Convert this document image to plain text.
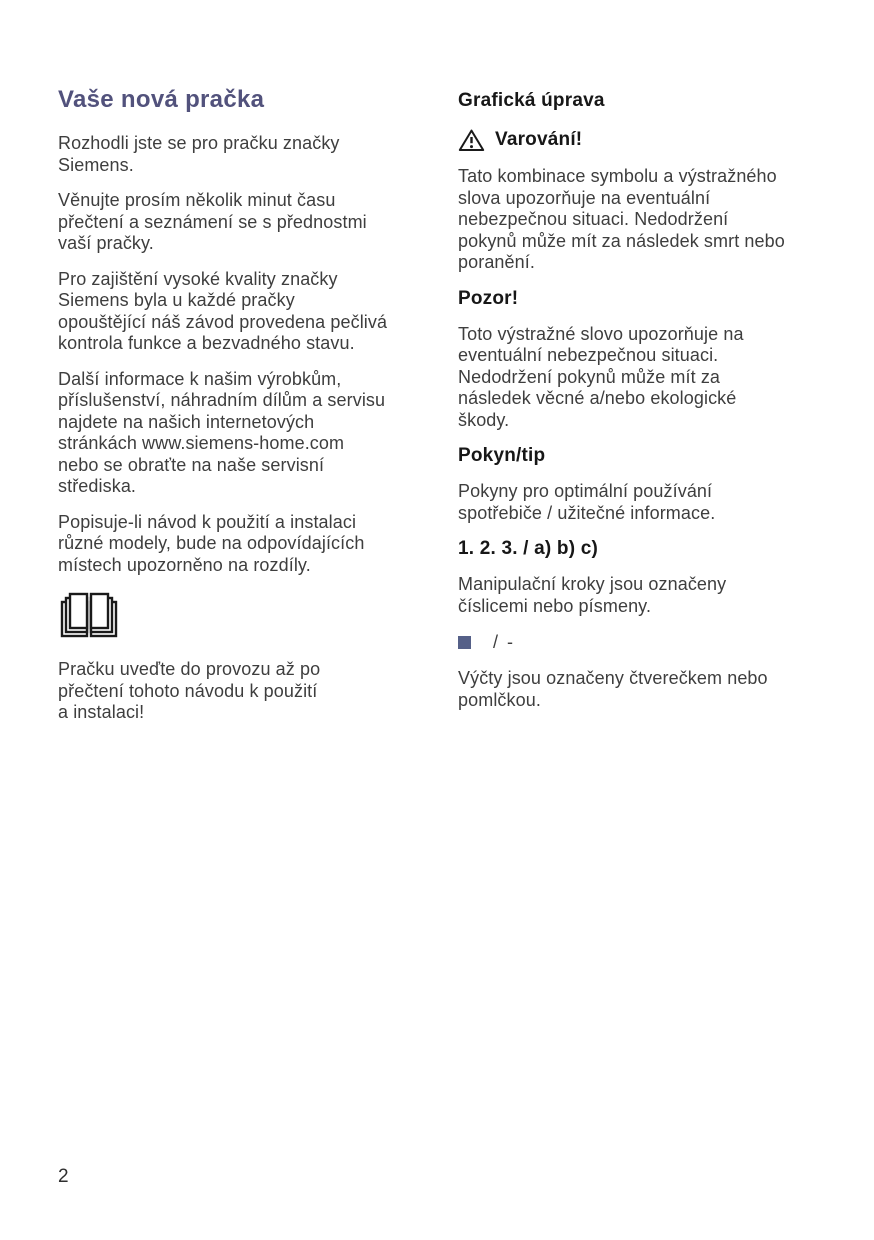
Vaše nová pračka

Rozhodli jste se pro pračku značky
Siemens.

Věnujte prosím několik minut času
přečtení a seznámení se s přednostmi
vaší pračky.

Pro zajištění vysoké kvality značky
Siemens byla u každé pračky
opouštějící náš závod provedena pečlivá
kontrola funkce a bezvadného stavu.

Další informace k našim výrobkům,
příslušenství, náhradním dílům a servisu
najdete na našich internetových
stránkách www.siemens-home.com
nebo se obraťte na naše servisní
střediska.

Popisuje-li návod k použití a instalaci
různé modely, bude na odpovídajících
místech upozorněno na rozdíly.

Pračku uveďte do provozu až po
přečtení tohoto návodu k použití
a instalaci!

Grafická úprava
Varování!

Tato kombinace symbolu a výstražného
slova upozorňuje na eventuální
nebezpečnou situaci. Nedodržení
pokynů může mít za následek smrt nebo
poranění.

Pozor!

Toto výstražné slovo upozorňuje na
eventuální nebezpečnou situaci.
Nedodržení pokynů může mít za
následek věcné a/nebo ekologické
škody.

Pokyn/tip

Pokyny pro optimální používání
spotřebiče / užitečné informace.

1. 2. 3. / a) b) c)

Manipulační kroky jsou označeny
číslicemi nebo písmeny.

/ -

Výčty jsou označeny čtverečkem nebo
pomlčkou.

2
